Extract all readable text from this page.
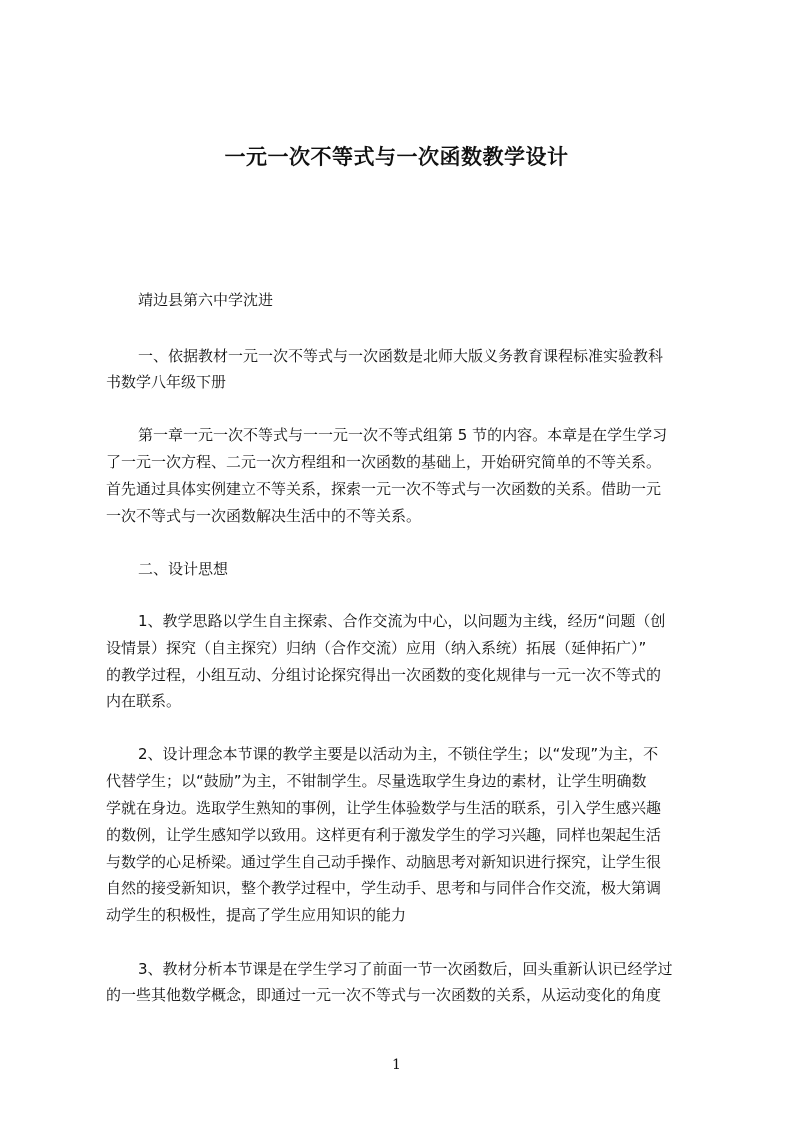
一元一次不等式与一次函数教学设计
靖边县第六中学沈进
一、依据教材一元一次不等式与一次函数是北师大版义务教育课程标准实验教科
书数学八年级下册
第一章一元一次不等式与一一元一次不等式组第 5 节的内容。本章是在学生学习
了一元一次方程、二元一次方程组和一次函数的基础上，开始研究简单的不等关系。
首先通过具体实例建立不等关系，探索一元一次不等式与一次函数的关系。借助一元
一次不等式与一次函数解决生活中的不等关系。
二、设计思想
1、教学思路以学生自主探索、合作交流为中心，以问题为主线，经历“问题（创
设情景）探究（自主探究）归纳（合作交流）应用（纳入系统）拓展（延伸拓广）”
的教学过程，小组互动、分组讨论探究得出一次函数的变化规律与一元一次不等式的
内在联系。
2、设计理念本节课的教学主要是以活动为主，不锁住学生；以“发现”为主，不
代替学生；以“鼓励”为主，不钳制学生。尽量选取学生身边的素材，让学生明确数
学就在身边。选取学生熟知的事例，让学生体验数学与生活的联系，引入学生感兴趣
的数例，让学生感知学以致用。这样更有利于激发学生的学习兴趣，同样也架起生活
与数学的心足桥梁。通过学生自己动手操作、动脑思考对新知识进行探究，让学生很
自然的接受新知识，整个教学过程中，学生动手、思考和与同伴合作交流，极大第调
动学生的积极性，提高了学生应用知识的能力
3、教材分析本节课是在学生学习了前面一节一次函数后，回头重新认识已经学过
的一些其他数学概念，即通过一元一次不等式与一次函数的关系，从运动变化的角度
1
